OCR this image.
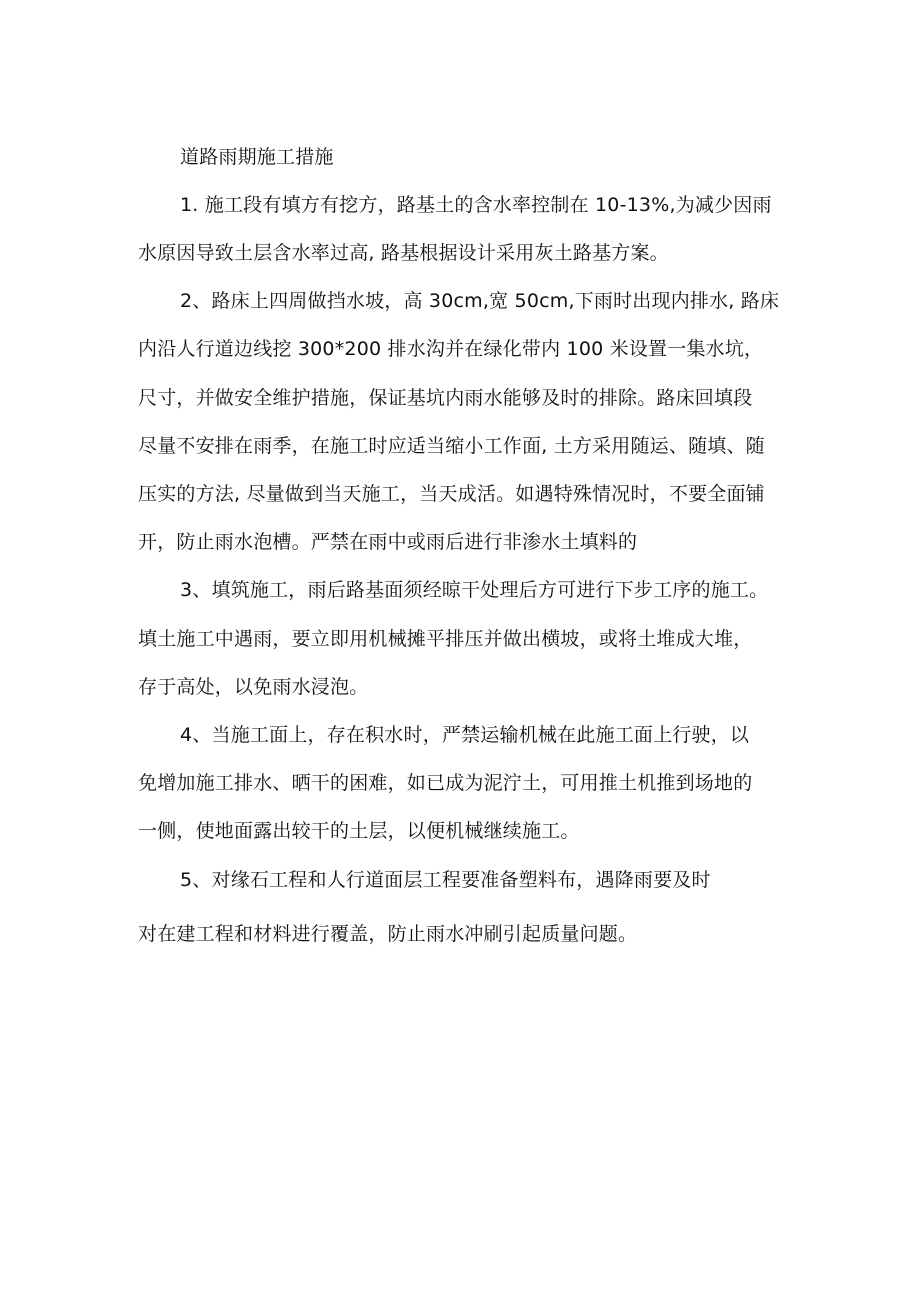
道路雨期施工措施
1. 施工段有填方有挖方，路基土的含水率控制在 10-13%,为减少因雨
水原因导致土层含水率过高, 路基根据设计采用灰土路基方案。
2、路床上四周做挡水坡，高 30cm,宽 50cm,下雨时出现内排水, 路床
内沿人行道边线挖 300*200 排水沟并在绿化带内 100 米设置一集水坑，
尺寸，并做安全维护措施，保证基坑内雨水能够及时的排除。路床回填段
尽量不安排在雨季，在施工时应适当缩小工作面, 土方采用随运、随填、随
压实的方法, 尽量做到当天施工，当天成活。如遇特殊情况时，不要全面铺
开，防止雨水泡槽。严禁在雨中或雨后进行非渗水土填料的
3、填筑施工，雨后路基面须经晾干处理后方可进行下步工序的施工。
填土施工中遇雨，要立即用机械摊平排压并做出横坡，或将土堆成大堆，
存于高处，以免雨水浸泡。
4、当施工面上，存在积水时，严禁运输机械在此施工面上行驶，以
免增加施工排水、晒干的困难，如已成为泥泞土，可用推土机推到场地的
一侧，使地面露出较干的土层，以便机械继续施工。
5、对缘石工程和人行道面层工程要准备塑料布，遇降雨要及时
对在建工程和材料进行覆盖，防止雨水冲刷引起质量问题。
